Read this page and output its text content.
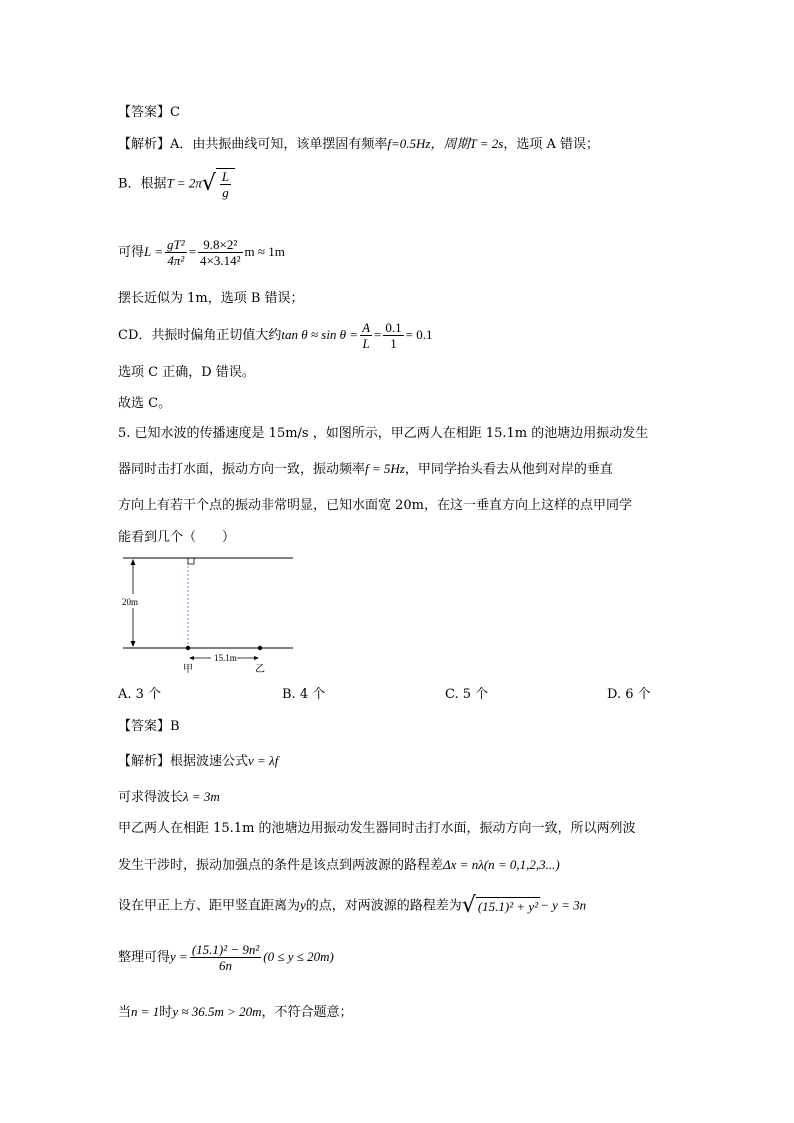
【答案】C
【解析】A．由共振曲线可知，该单摆固有频率f=0.5Hz，周期T = 2s，选项 A 错误；
B．根据$T = 2\pi√ \frac{L}{g}$
可得$L = \frac{\text{gT²}}{\text{4π²}} = \frac{\text{9.8×2²}}{\text{4×3.14²}}$ m ≈ 1m
摆长近似为 1m，选项 B 错误；
CD．共振时偏角正切值大约$\tan \theta \approx \sin \theta = \frac{A}{L} = \frac{0.1}{1} = 0.1$
选项 C 正确，D 错误。
故选 C。
5. 已知水波的传播速度是 15m/s ，如图所示，甲乙两人在相距 15.1m 的池塘边用振动发生
器同时击打水面，振动方向一致，振动频率f = 5Hz，甲同学抬头看去从他到对岸的垂直
方向上有若干个点的振动非常明显，已知水面宽 20m，在这一垂直方向上这样的点甲同学
能看到几个（　　）
20m
15.1m
甲	乙
A. 3 个	B. 4 个	C. 5 个	D. 6 个
【答案】B
【解析】根据波速公式v = λf
可求得波长λ = 3m
甲乙两人在相距 15.1m 的池塘边用振动发生器同时击打水面，振动方向一致，所以两列波
发生干涉时，振动加强点的条件是该点到两波源的路程差Δx = nλ(n = 0,1,2,3...)
设在甲正上方、距甲竖直距离为y的点，对两波源的路程差为√ (15.1)² + y² − y = 3n
整理可得$y = \frac{\text{(15.1)² − 9n²}}{6n} (0 \le y \le 20m)$
当n = 1时y ≈ 36.5m > 20m，不符合题意；
